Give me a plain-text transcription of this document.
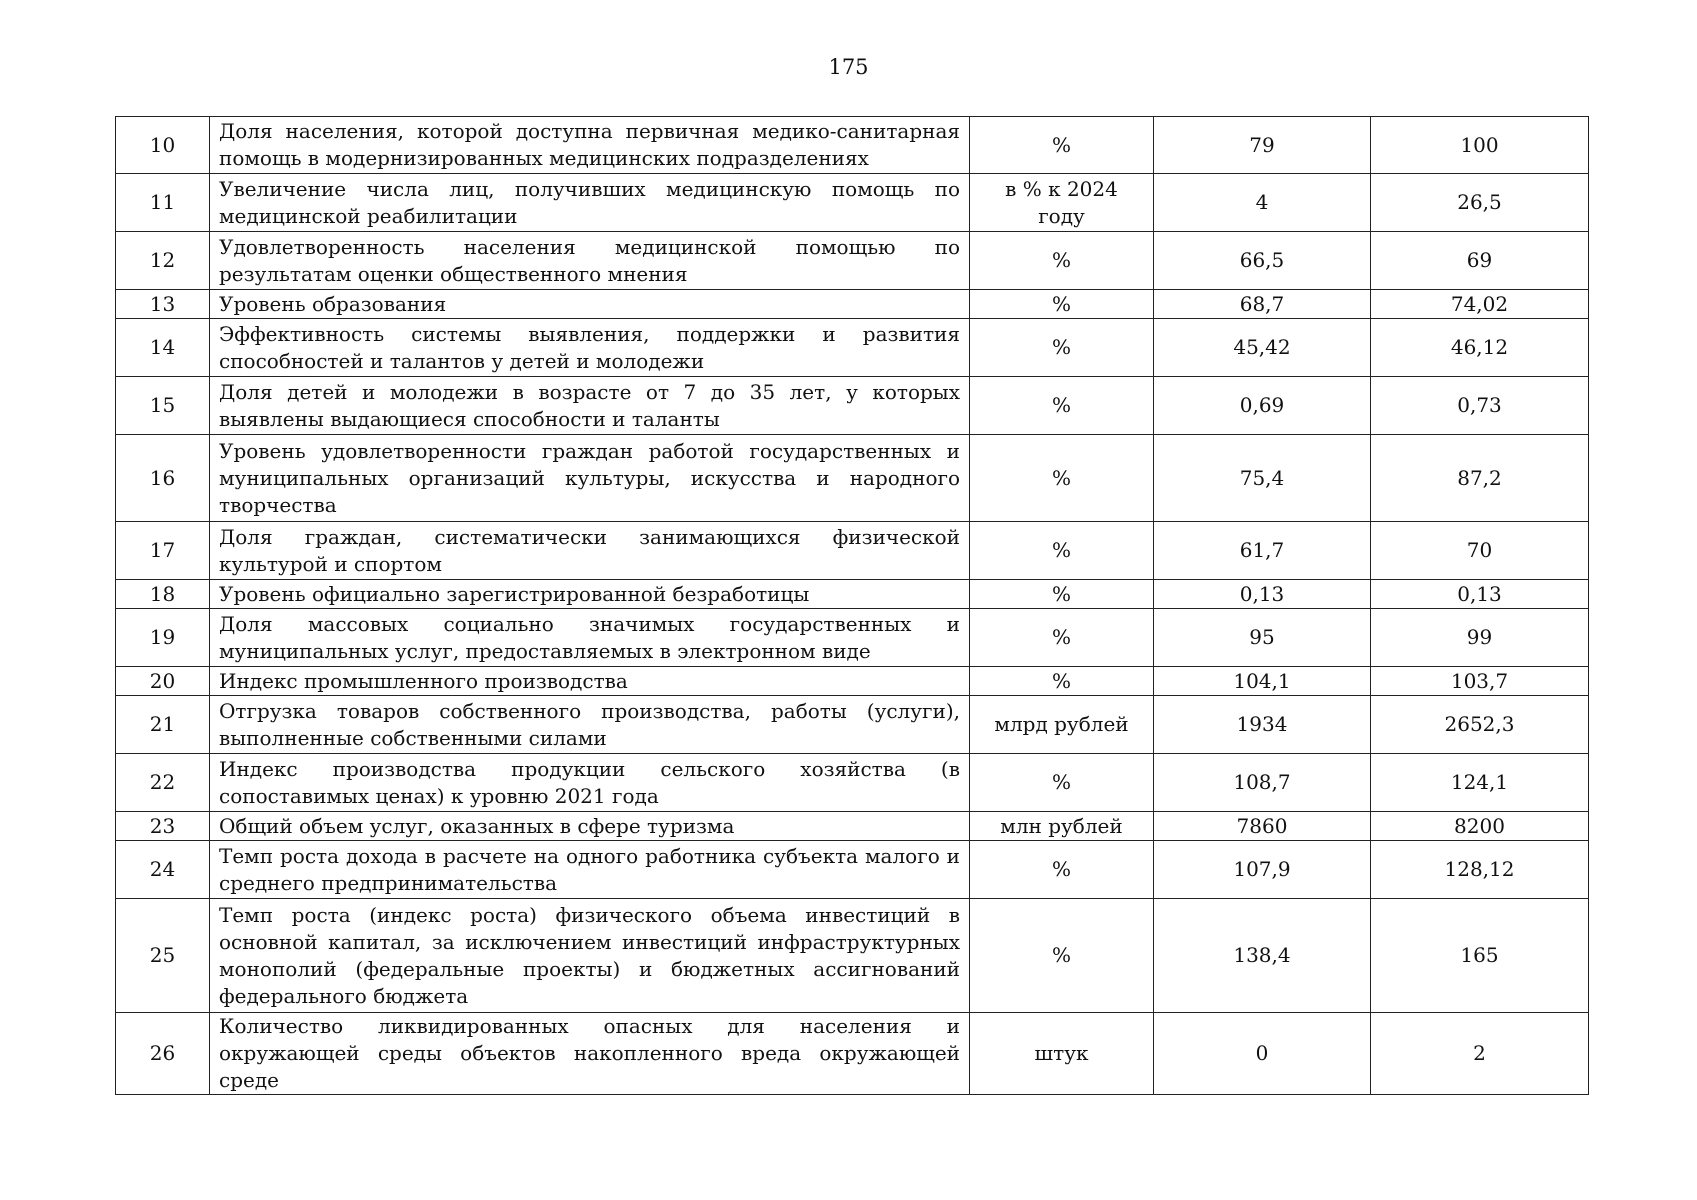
175
10	Доля населения, которой доступна первичная медико-санитарная помощь в модернизированных медицинских подразделениях	%	79	100
11	Увеличение числа лиц, получивших медицинскую помощь по медицинской реабилитации	в % к 2024 году	4	26,5
12	Удовлетворенность населения медицинской помощью по результатам оценки общественного мнения	%	66,5	69
13	Уровень образования	%	68,7	74,02
14	Эффективность системы выявления, поддержки и развития способностей и талантов у детей и молодежи	%	45,42	46,12
15	Доля детей и молодежи в возрасте от 7 до 35 лет, у которых выявлены выдающиеся способности и таланты	%	0,69	0,73
16	Уровень удовлетворенности граждан работой государственных и муниципальных организаций культуры, искусства и народного творчества	%	75,4	87,2
17	Доля граждан, систематически занимающихся физической культурой и спортом	%	61,7	70
18	Уровень официально зарегистрированной безработицы	%	0,13	0,13
19	Доля массовых социально значимых государственных и муниципальных услуг, предоставляемых в электронном виде	%	95	99
20	Индекс промышленного производства	%	104,1	103,7
21	Отгрузка товаров собственного производства, работы (услуги), выполненные собственными силами	млрд рублей	1934	2652,3
22	Индекс производства продукции сельского хозяйства (в сопоставимых ценах) к уровню 2021 года	%	108,7	124,1
23	Общий объем услуг, оказанных в сфере туризма	млн рублей	7860	8200
24	Темп роста дохода в расчете на одного работника субъекта малого и среднего предпринимательства	%	107,9	128,12
25	Темп роста (индекс роста) физического объема инвестиций в основной капитал, за исключением инвестиций инфраструктурных монополий (федеральные проекты) и бюджетных ассигнований федерального бюджета	%	138,4	165
26	Количество ликвидированных опасных для населения и окружающей среды объектов накопленного вреда окружающей среде	штук	0	2
